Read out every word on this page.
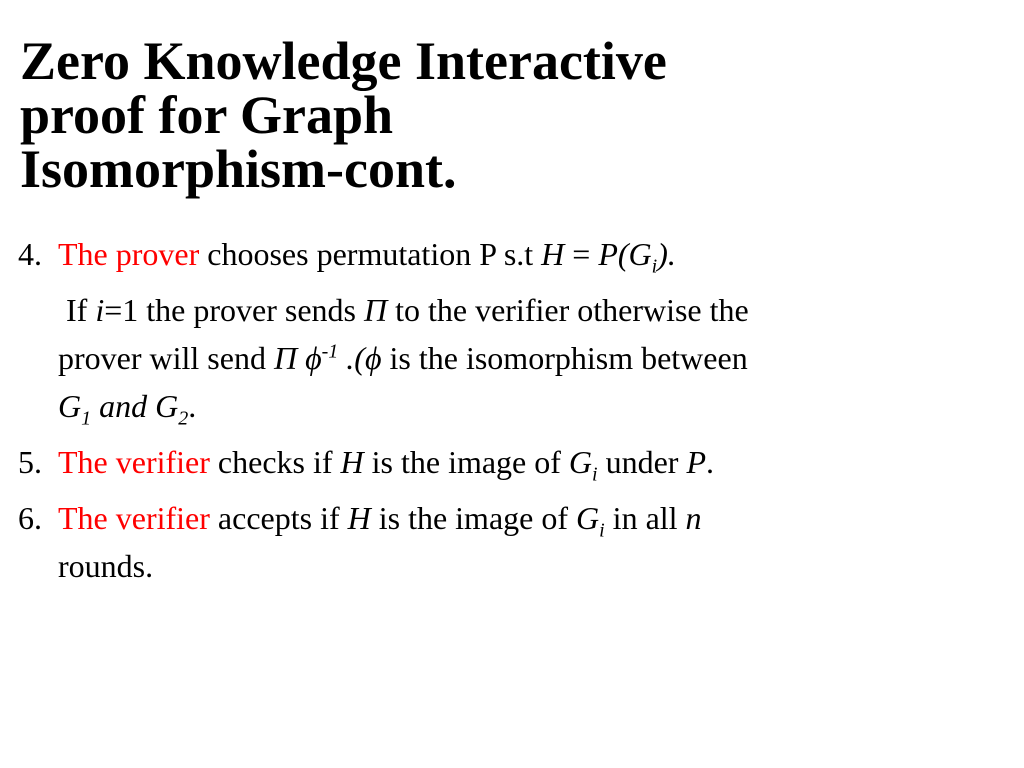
Zero Knowledge Interactive
proof for Graph
Isomorphism-cont.
4. The prover chooses permutation P s.t $H = P(G_i)$.
If i=1 the prover sends Π to the verifier otherwise the
prover will send Π $\phi^{-1}$ .(ϕ is the isomorphism between
$G_1$ and $G_2$.
5. The verifier checks if H is the image of $G_i$ under P.
6. The verifier accepts if H is the image of $G_i$ in all n
rounds.
